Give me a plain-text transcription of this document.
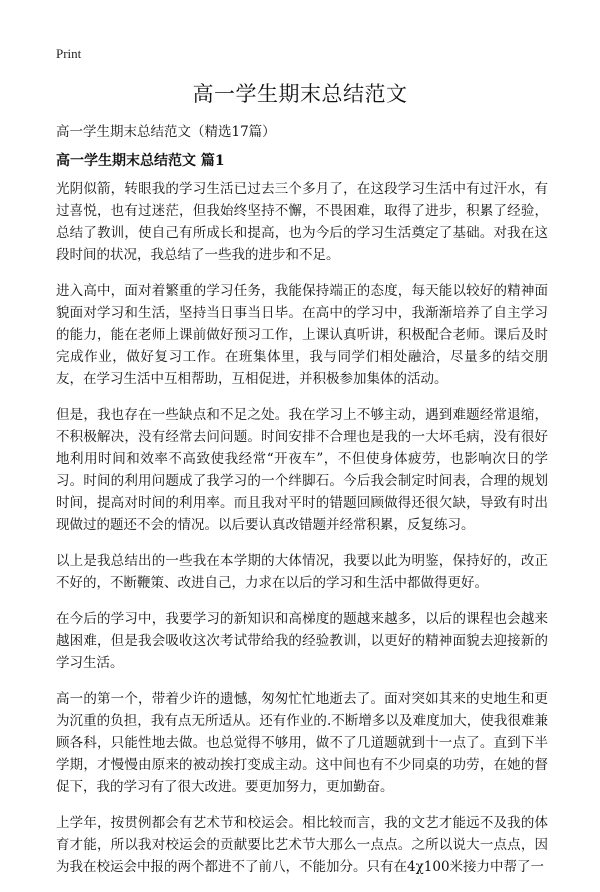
Print
高一学生期末总结范文

高一学生期末总结范文（精选17篇）

高一学生期末总结范文 篇1

光阴似箭，转眼我的学习生活已过去三个多月了，在这段学习生活中有过汗水，有过喜悦，也有过迷茫，但我始终坚持不懈，不畏困难，取得了进步，积累了经验，总结了教训，使自己有所成长和提高，也为今后的学习生活奠定了基础。对我在这段时间的状况，我总结了一些我的进步和不足。

进入高中，面对着繁重的学习任务，我能保持端正的态度，每天能以较好的精神面貌面对学习和生活，坚持当日事当日毕。在高中的学习中，我渐渐培养了自主学习的能力，能在老师上课前做好预习工作，上课认真听讲，积极配合老师。课后及时完成作业，做好复习工作。在班集体里，我与同学们相处融洽，尽量多的结交朋友，在学习生活中互相帮助，互相促进，并积极参加集体的活动。

但是，我也存在一些缺点和不足之处。我在学习上不够主动，遇到难题经常退缩，不积极解决，没有经常去问问题。时间安排不合理也是我的一大坏毛病，没有很好地利用时间和效率不高致使我经常“开夜车”，不但使身体疲劳，也影响次日的学习。时间的利用问题成了我学习的一个绊脚石。今后我会制定时间表，合理的规划时间，提高对时间的利用率。而且我对平时的错题回顾做得还很欠缺，导致有时出现做过的题还不会的情况。以后要认真改错题并经常积累，反复练习。

以上是我总结出的一些我在本学期的大体情况，我要以此为明鉴，保持好的，改正不好的，不断鞭策、改进自己，力求在以后的学习和生活中都做得更好。

在今后的学习中，我要学习的新知识和高梯度的题越来越多，以后的课程也会越来越困难，但是我会吸收这次考试带给我的经验教训，以更好的精神面貌去迎接新的学习生活。

高一的第一个，带着少许的遗憾，匆匆忙忙地逝去了。面对突如其来的史地生和更为沉重的负担，我有点无所适从。还有作业的.不断增多以及难度加大，使我很难兼顾各科，只能性地去做。也总觉得不够用，做不了几道题就到十一点了。直到下半学期，才慢慢由原来的被动挨打变成主动。这中间也有不少同桌的功劳，在她的督促下，我的学习有了很大改进。要更加努力，更加勤奋。

上学年，按贯例都会有艺术节和校运会。相比较而言，我的文艺才能远不及我的体育才能，所以我对校运会的贡献要比艺术节大那么一点点。之所以说大一点点，因为我在校运会中报的两个都进不了前八，不能加分。只有在4χ100米接力中帮了一
